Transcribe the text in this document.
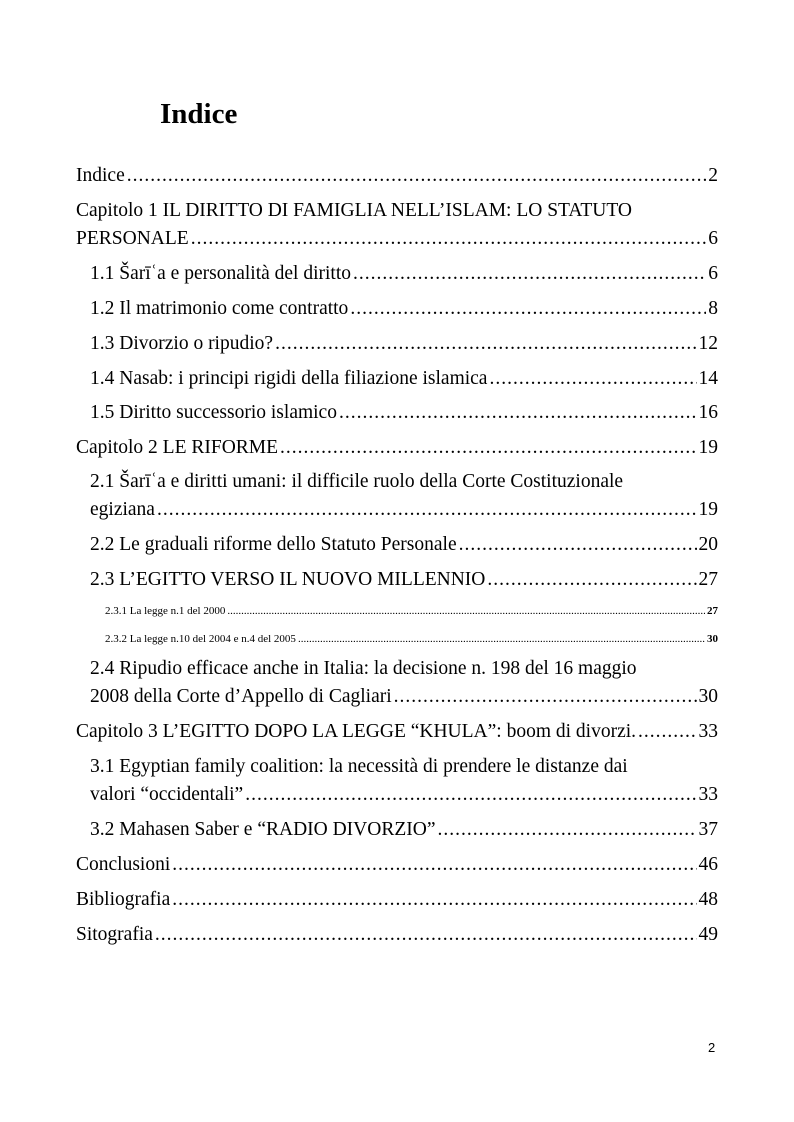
Indice
Indice .....	2
Capitolo 1 IL DIRITTO DI FAMIGLIA NELL’ISLAM: LO STATUTO
PERSONALE .....	6
1.1 Šarīʿa e personalità del diritto .....	6
1.2 Il matrimonio come contratto .....	8
1.3 Divorzio o ripudio? .....	12
1.4 Nasab: i principi rigidi della filiazione islamica .....	14
1.5 Diritto successorio islamico .....	16
Capitolo 2 LE RIFORME .....	19
2.1 Šarīʿa e diritti umani: il difficile ruolo della Corte Costituzionale
egiziana .....	19
2.2 Le graduali riforme dello Statuto Personale .....	20
2.3 L’EGITTO VERSO IL NUOVO MILLENNIO .....	27
2.3.1 La legge n.1 del 2000 .....	27
2.3.2 La legge n.10 del 2004 e n.4 del 2005 .....	30
2.4 Ripudio efficace anche in Italia: la decisione n. 198 del 16 maggio
2008 della Corte d’Appello di Cagliari .....	30
Capitolo 3 L’EGITTO DOPO LA LEGGE “KHULA”: boom di divorzi. .....	33
3.1 Egyptian family coalition: la necessità di prendere le distanze dai
valori “occidentali” .....	33
3.2 Mahasen Saber e “RADIO DIVORZIO” .....	37
Conclusioni .....	46
Bibliografia .....	48
Sitografia .....	49
2
